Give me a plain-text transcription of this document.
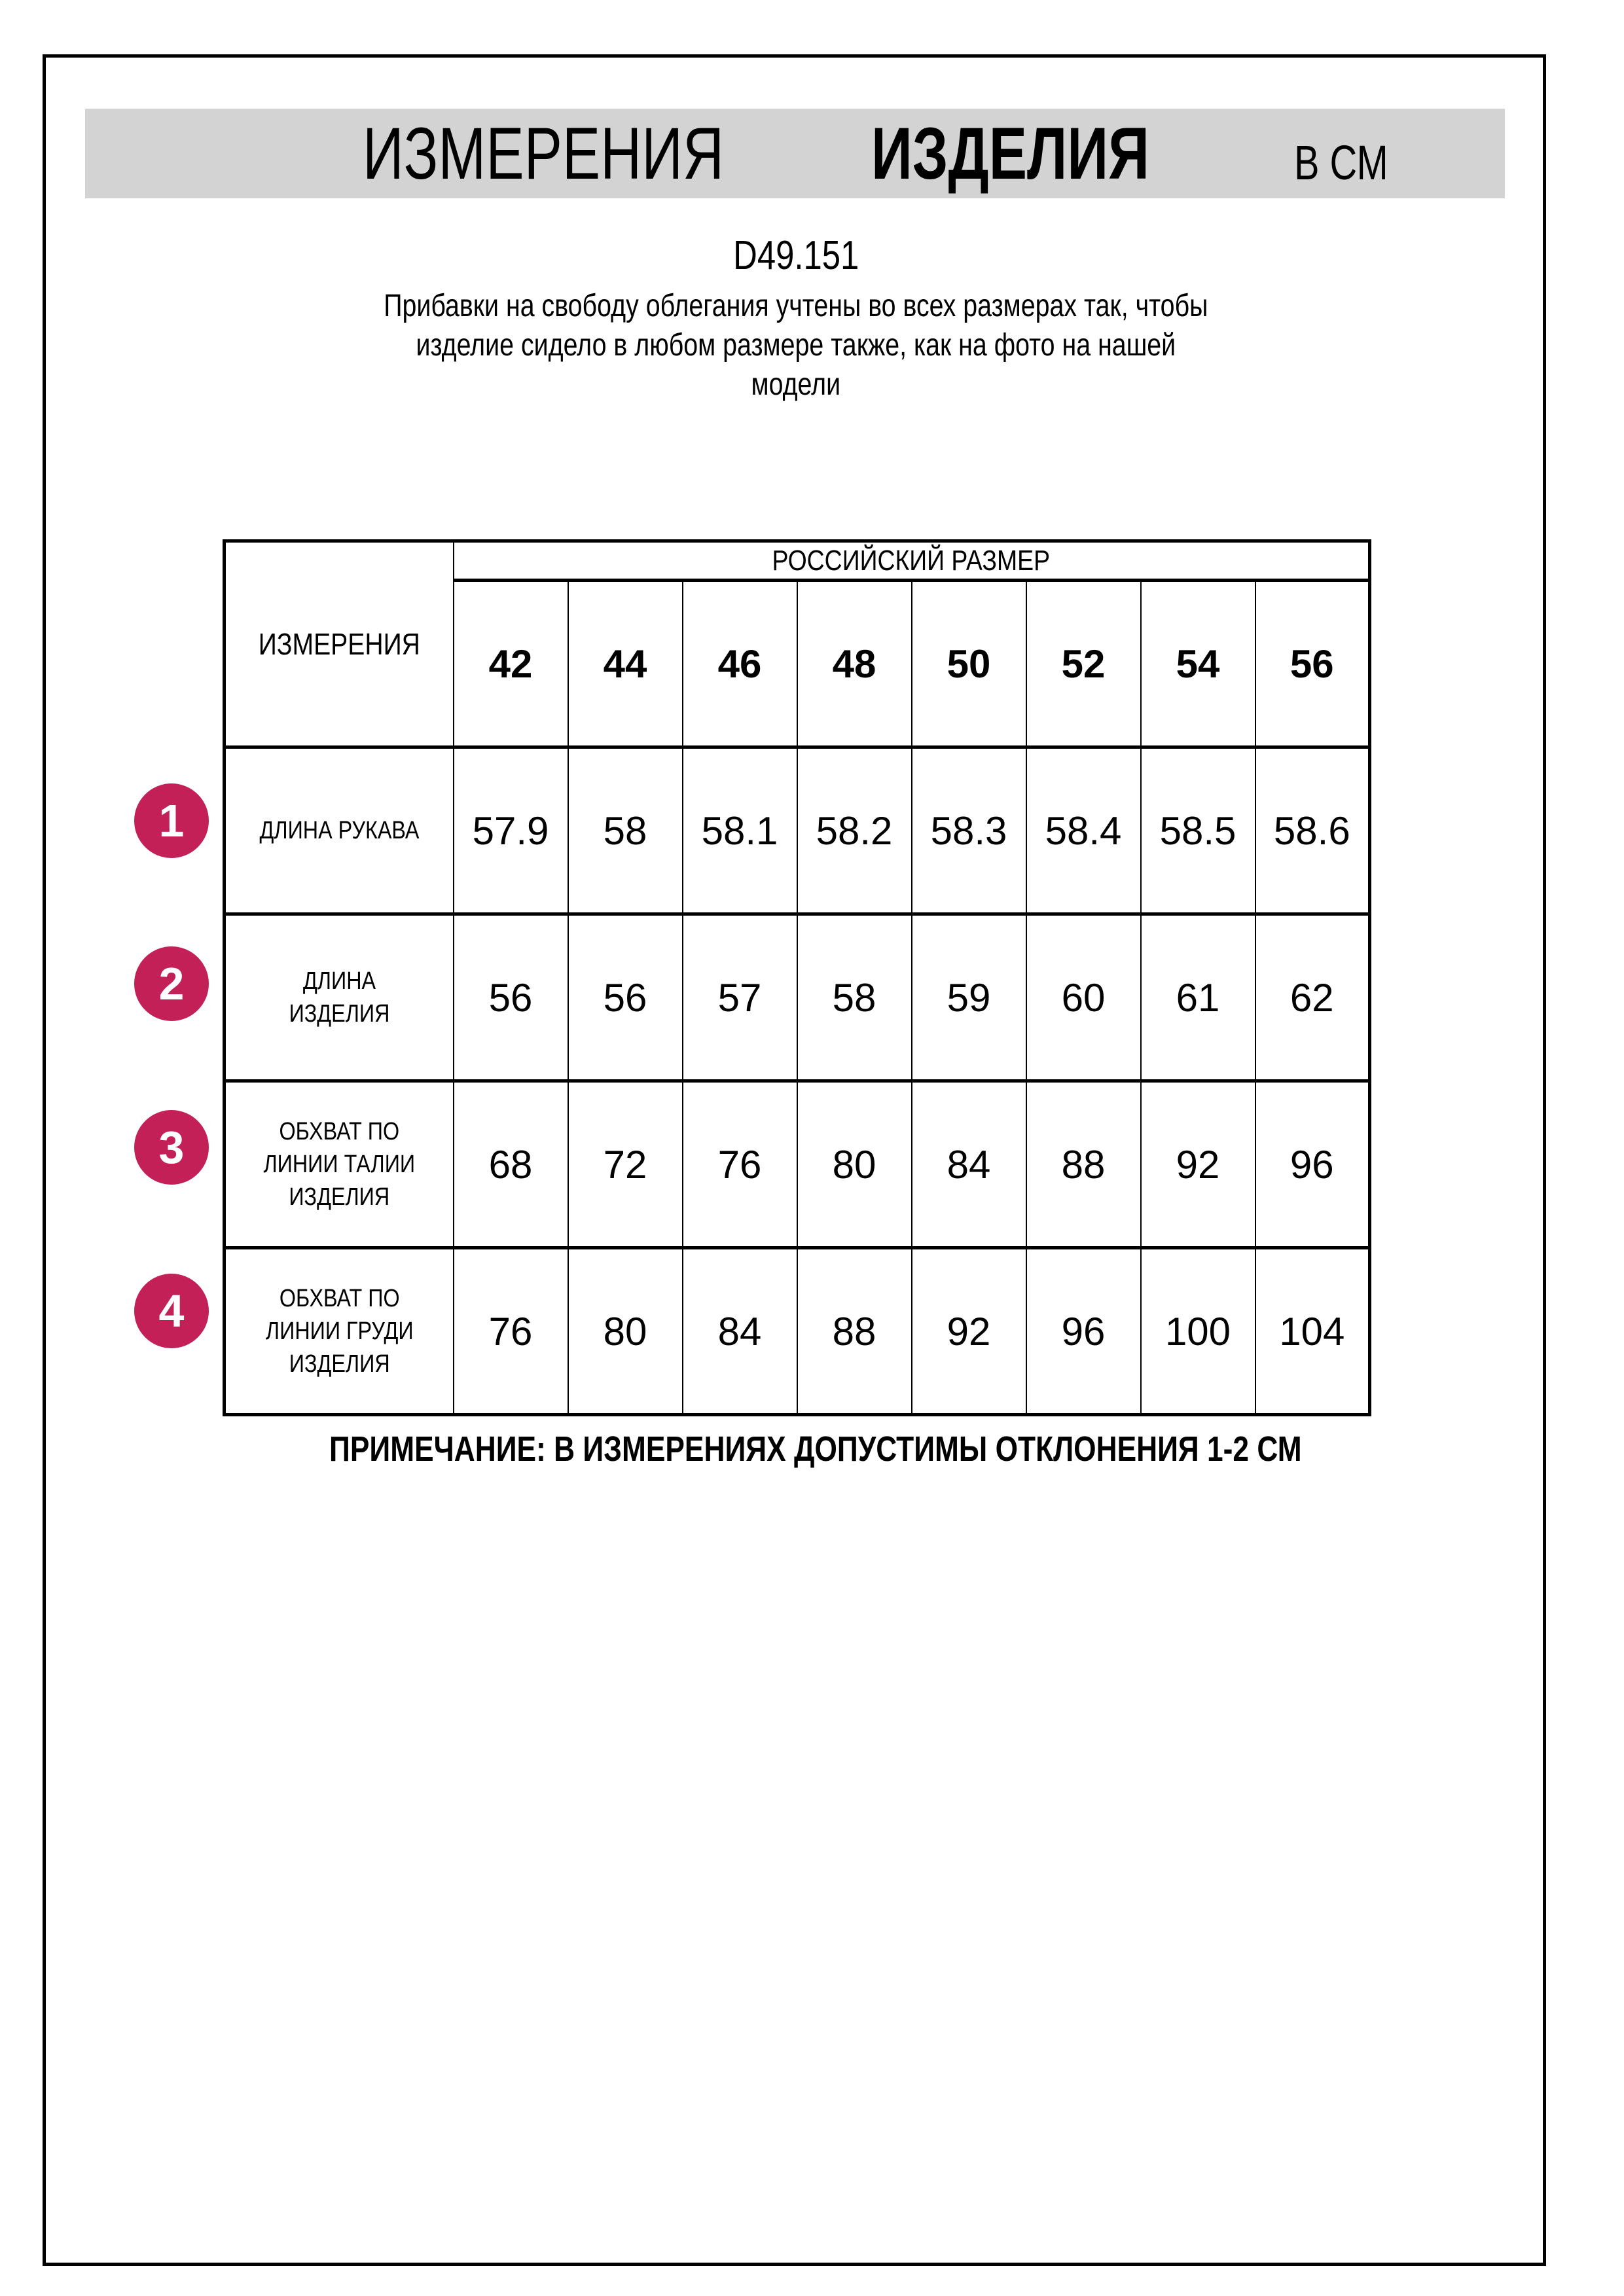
ИЗМЕРЕНИЯ ИЗДЕЛИЯ	В СМ
D49.151
Прибавки на свободу облегания учтены во всех размерах так, чтобы
изделие сидело в любом размере также, как на фото на нашей
модели
ИЗМЕРЕНИЯ	РОССИЙСКИЙ РАЗМЕР							
	42	44	46	48	50	52	54	56
ДЛИНА РУКАВА	57.9	58	58.1	58.2	58.3	58.4	58.5	58.6
ДЛИНА
ИЗДЕЛИЯ	56	56	57	58	59	60	61	62
ОБХВАТ ПО
ЛИНИИ ТАЛИИ
ИЗДЕЛИЯ	68	72	76	80	84	88	92	96
ОБХВАТ ПО
ЛИНИИ ГРУДИ
ИЗДЕЛИЯ	76	80	84	88	92	96	100	104
1
2
3
4
ПРИМЕЧАНИЕ: В ИЗМЕРЕНИЯХ ДОПУСТИМЫ ОТКЛОНЕНИЯ 1-2 СМ
